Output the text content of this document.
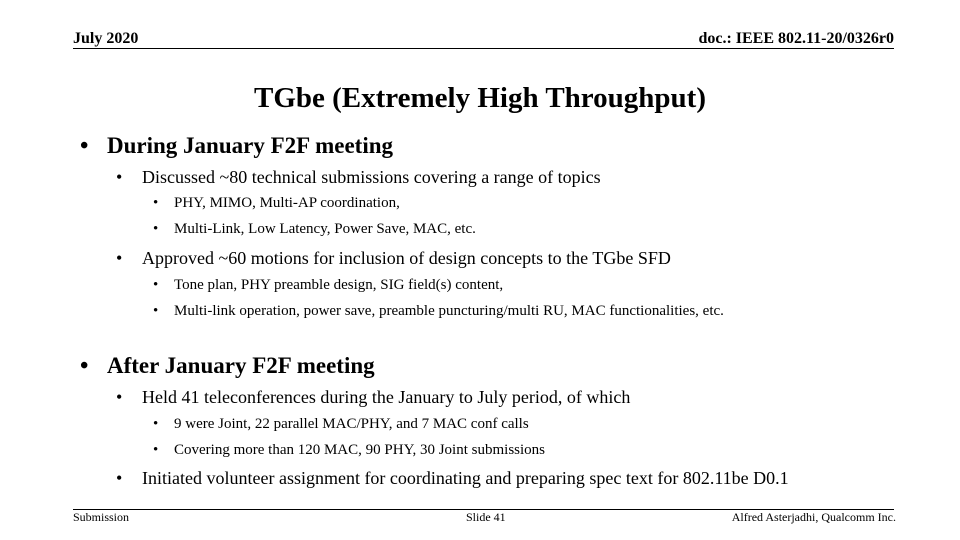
July 2020	doc.: IEEE 802.11-20/0326r0
TGbe (Extremely High Throughput)
• During January F2F meeting
• Discussed ~80 technical submissions covering a range of topics
• PHY, MIMO, Multi-AP coordination,
• Multi-Link, Low Latency, Power Save, MAC, etc.
• Approved ~60 motions for inclusion of design concepts to the TGbe SFD
• Tone plan, PHY preamble design, SIG field(s) content,
• Multi-link operation, power save, preamble puncturing/multi RU, MAC functionalities, etc.
• After January F2F meeting
• Held 41 teleconferences during the January to July period, of which
• 9 were Joint, 22 parallel MAC/PHY, and 7 MAC conf calls
• Covering more than 120 MAC, 90 PHY, 30 Joint submissions
• Initiated volunteer assignment for coordinating and preparing spec text for 802.11be D0.1
Submission	Slide 41	Alfred Asterjadhi, Qualcomm Inc.
